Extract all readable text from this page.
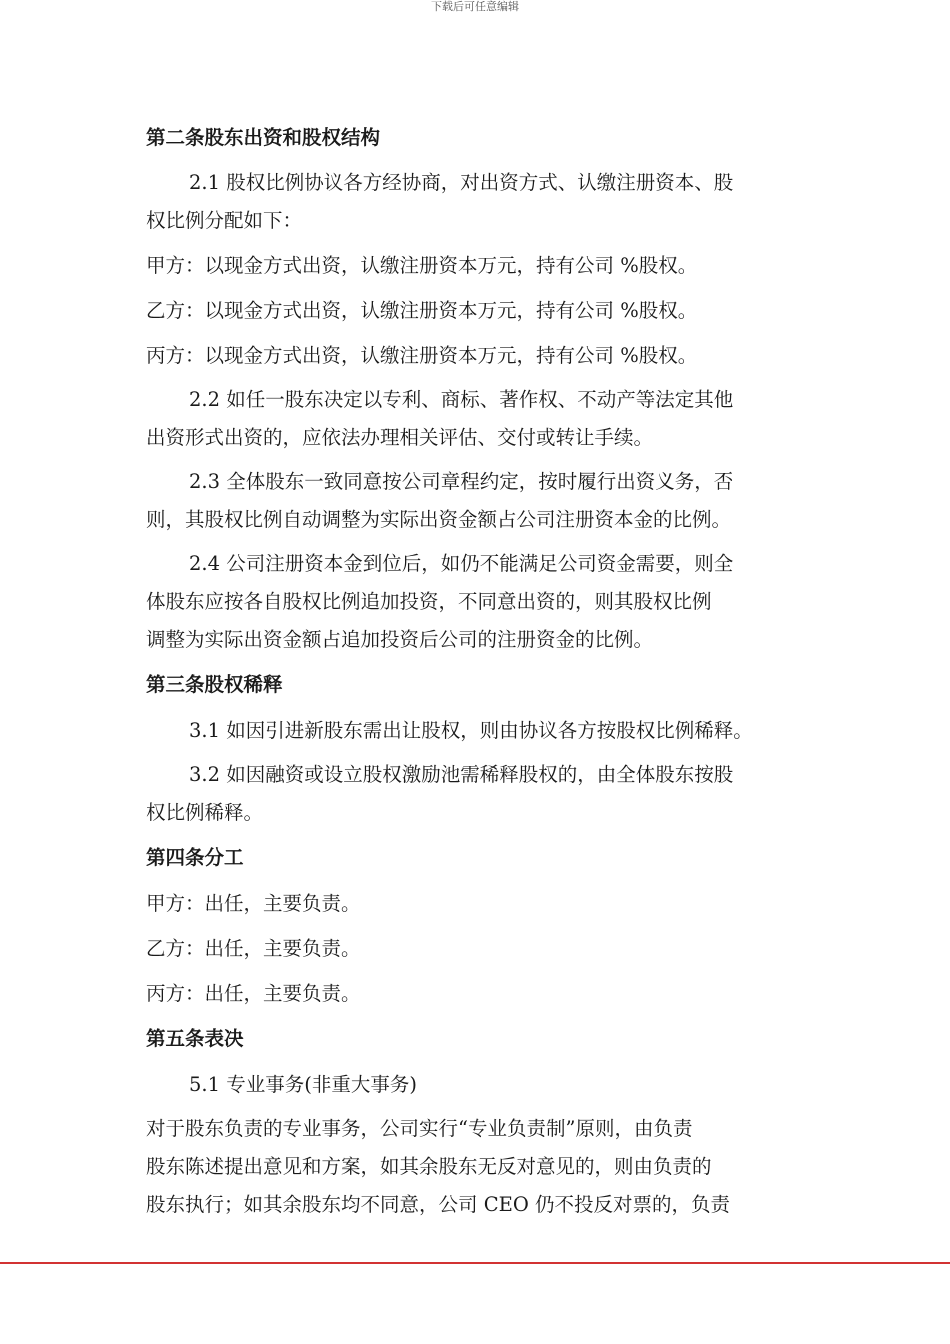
下载后可任意编辑

第二条股东出资和股权结构

2.1 股权比例协议各方经协商，对出资方式、认缴注册资本、股
权比例分配如下：

甲方：以现金方式出资，认缴注册资本万元，持有公司 %股权。

乙方：以现金方式出资，认缴注册资本万元，持有公司 %股权。

丙方：以现金方式出资，认缴注册资本万元，持有公司 %股权。

2.2 如任一股东决定以专利、商标、著作权、不动产等法定其他
出资形式出资的，应依法办理相关评估、交付或转让手续。

2.3 全体股东一致同意按公司章程约定，按时履行出资义务，否
则，其股权比例自动调整为实际出资金额占公司注册资本金的比例。

2.4 公司注册资本金到位后，如仍不能满足公司资金需要，则全
体股东应按各自股权比例追加投资，不同意出资的，则其股权比例
调整为实际出资金额占追加投资后公司的注册资金的比例。

第三条股权稀释

3.1 如因引进新股东需出让股权，则由协议各方按股权比例稀释。

3.2 如因融资或设立股权激励池需稀释股权的，由全体股东按股
权比例稀释。

第四条分工

甲方：出任，主要负责。

乙方：出任，主要负责。

丙方：出任，主要负责。

第五条表决

5.1 专业事务(非重大事务)

对于股东负责的专业事务，公司实行“专业负责制”原则，由负责
股东陈述提出意见和方案，如其余股东无反对意见的，则由负责的
股东执行；如其余股东均不同意，公司 CEO 仍不投反对票的，负责
